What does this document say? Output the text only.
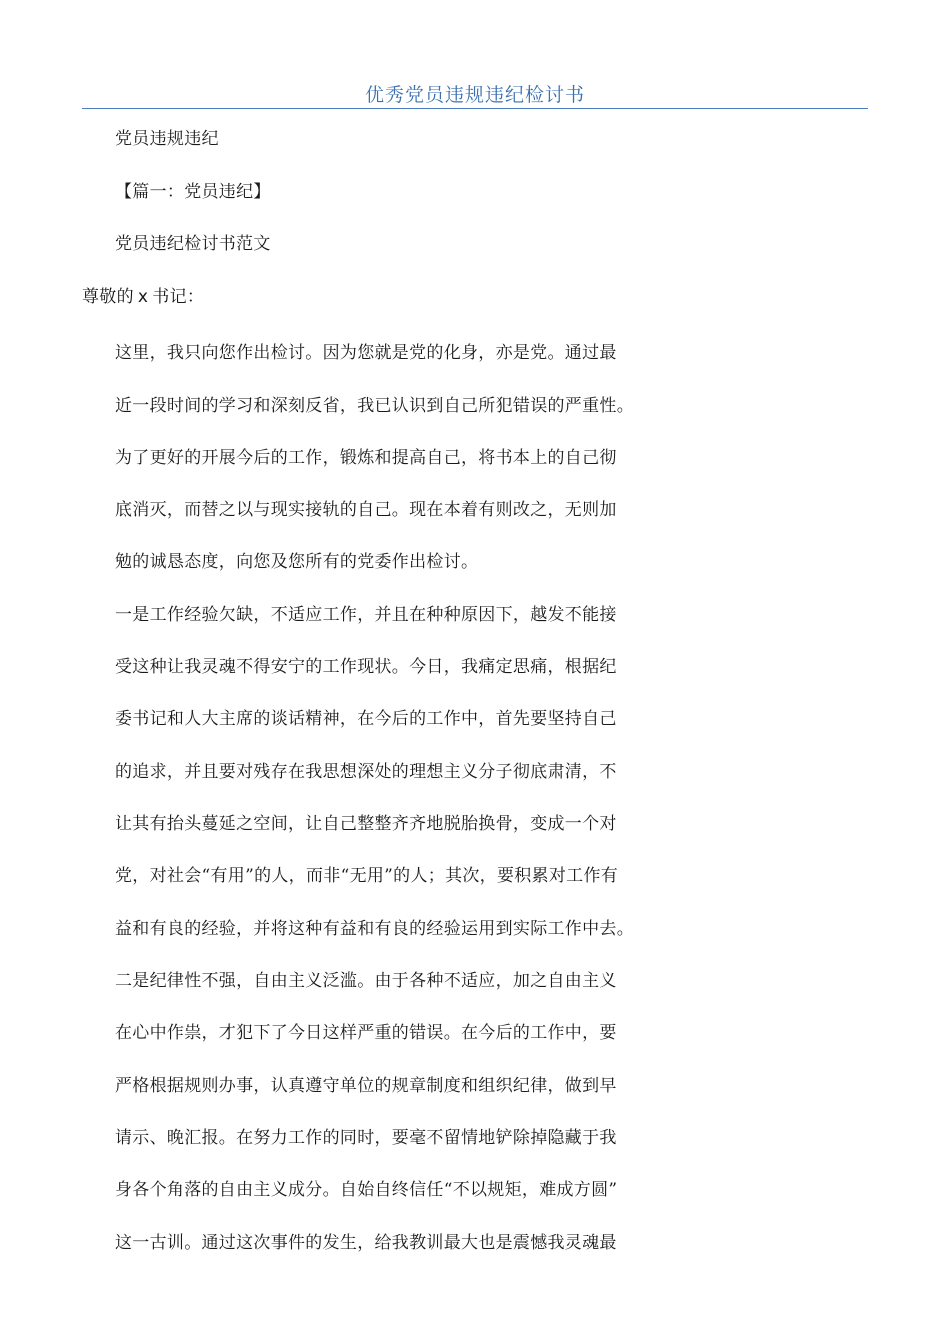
优秀党员违规违纪检讨书
党员违规违纪
【篇一：党员违纪】
党员违纪检讨书范文
尊敬的 x 书记：
这里，我只向您作出检讨。因为您就是党的化身，亦是党。通过最
近一段时间的学习和深刻反省，我已认识到自己所犯错误的严重性。
为了更好的开展今后的工作，锻炼和提高自己，将书本上的自己彻
底消灭，而替之以与现实接轨的自己。现在本着有则改之，无则加
勉的诚恳态度，向您及您所有的党委作出检讨。
一是工作经验欠缺，不适应工作，并且在种种原因下，越发不能接
受这种让我灵魂不得安宁的工作现状。今日，我痛定思痛，根据纪
委书记和人大主席的谈话精神，在今后的工作中，首先要坚持自己
的追求，并且要对残存在我思想深处的理想主义分子彻底肃清，不
让其有抬头蔓延之空间，让自己整整齐齐地脱胎换骨，变成一个对
党，对社会“有用”的人，而非“无用”的人；其次，要积累对工作有
益和有良的经验，并将这种有益和有良的经验运用到实际工作中去。
二是纪律性不强，自由主义泛滥。由于各种不适应，加之自由主义
在心中作祟，才犯下了今日这样严重的错误。在今后的工作中，要
严格根据规则办事，认真遵守单位的规章制度和组织纪律，做到早
请示、晚汇报。在努力工作的同时，要毫不留情地铲除掉隐藏于我
身各个角落的自由主义成分。自始自终信任“不以规矩，难成方圆”
这一古训。通过这次事件的发生，给我教训最大也是震憾我灵魂最
